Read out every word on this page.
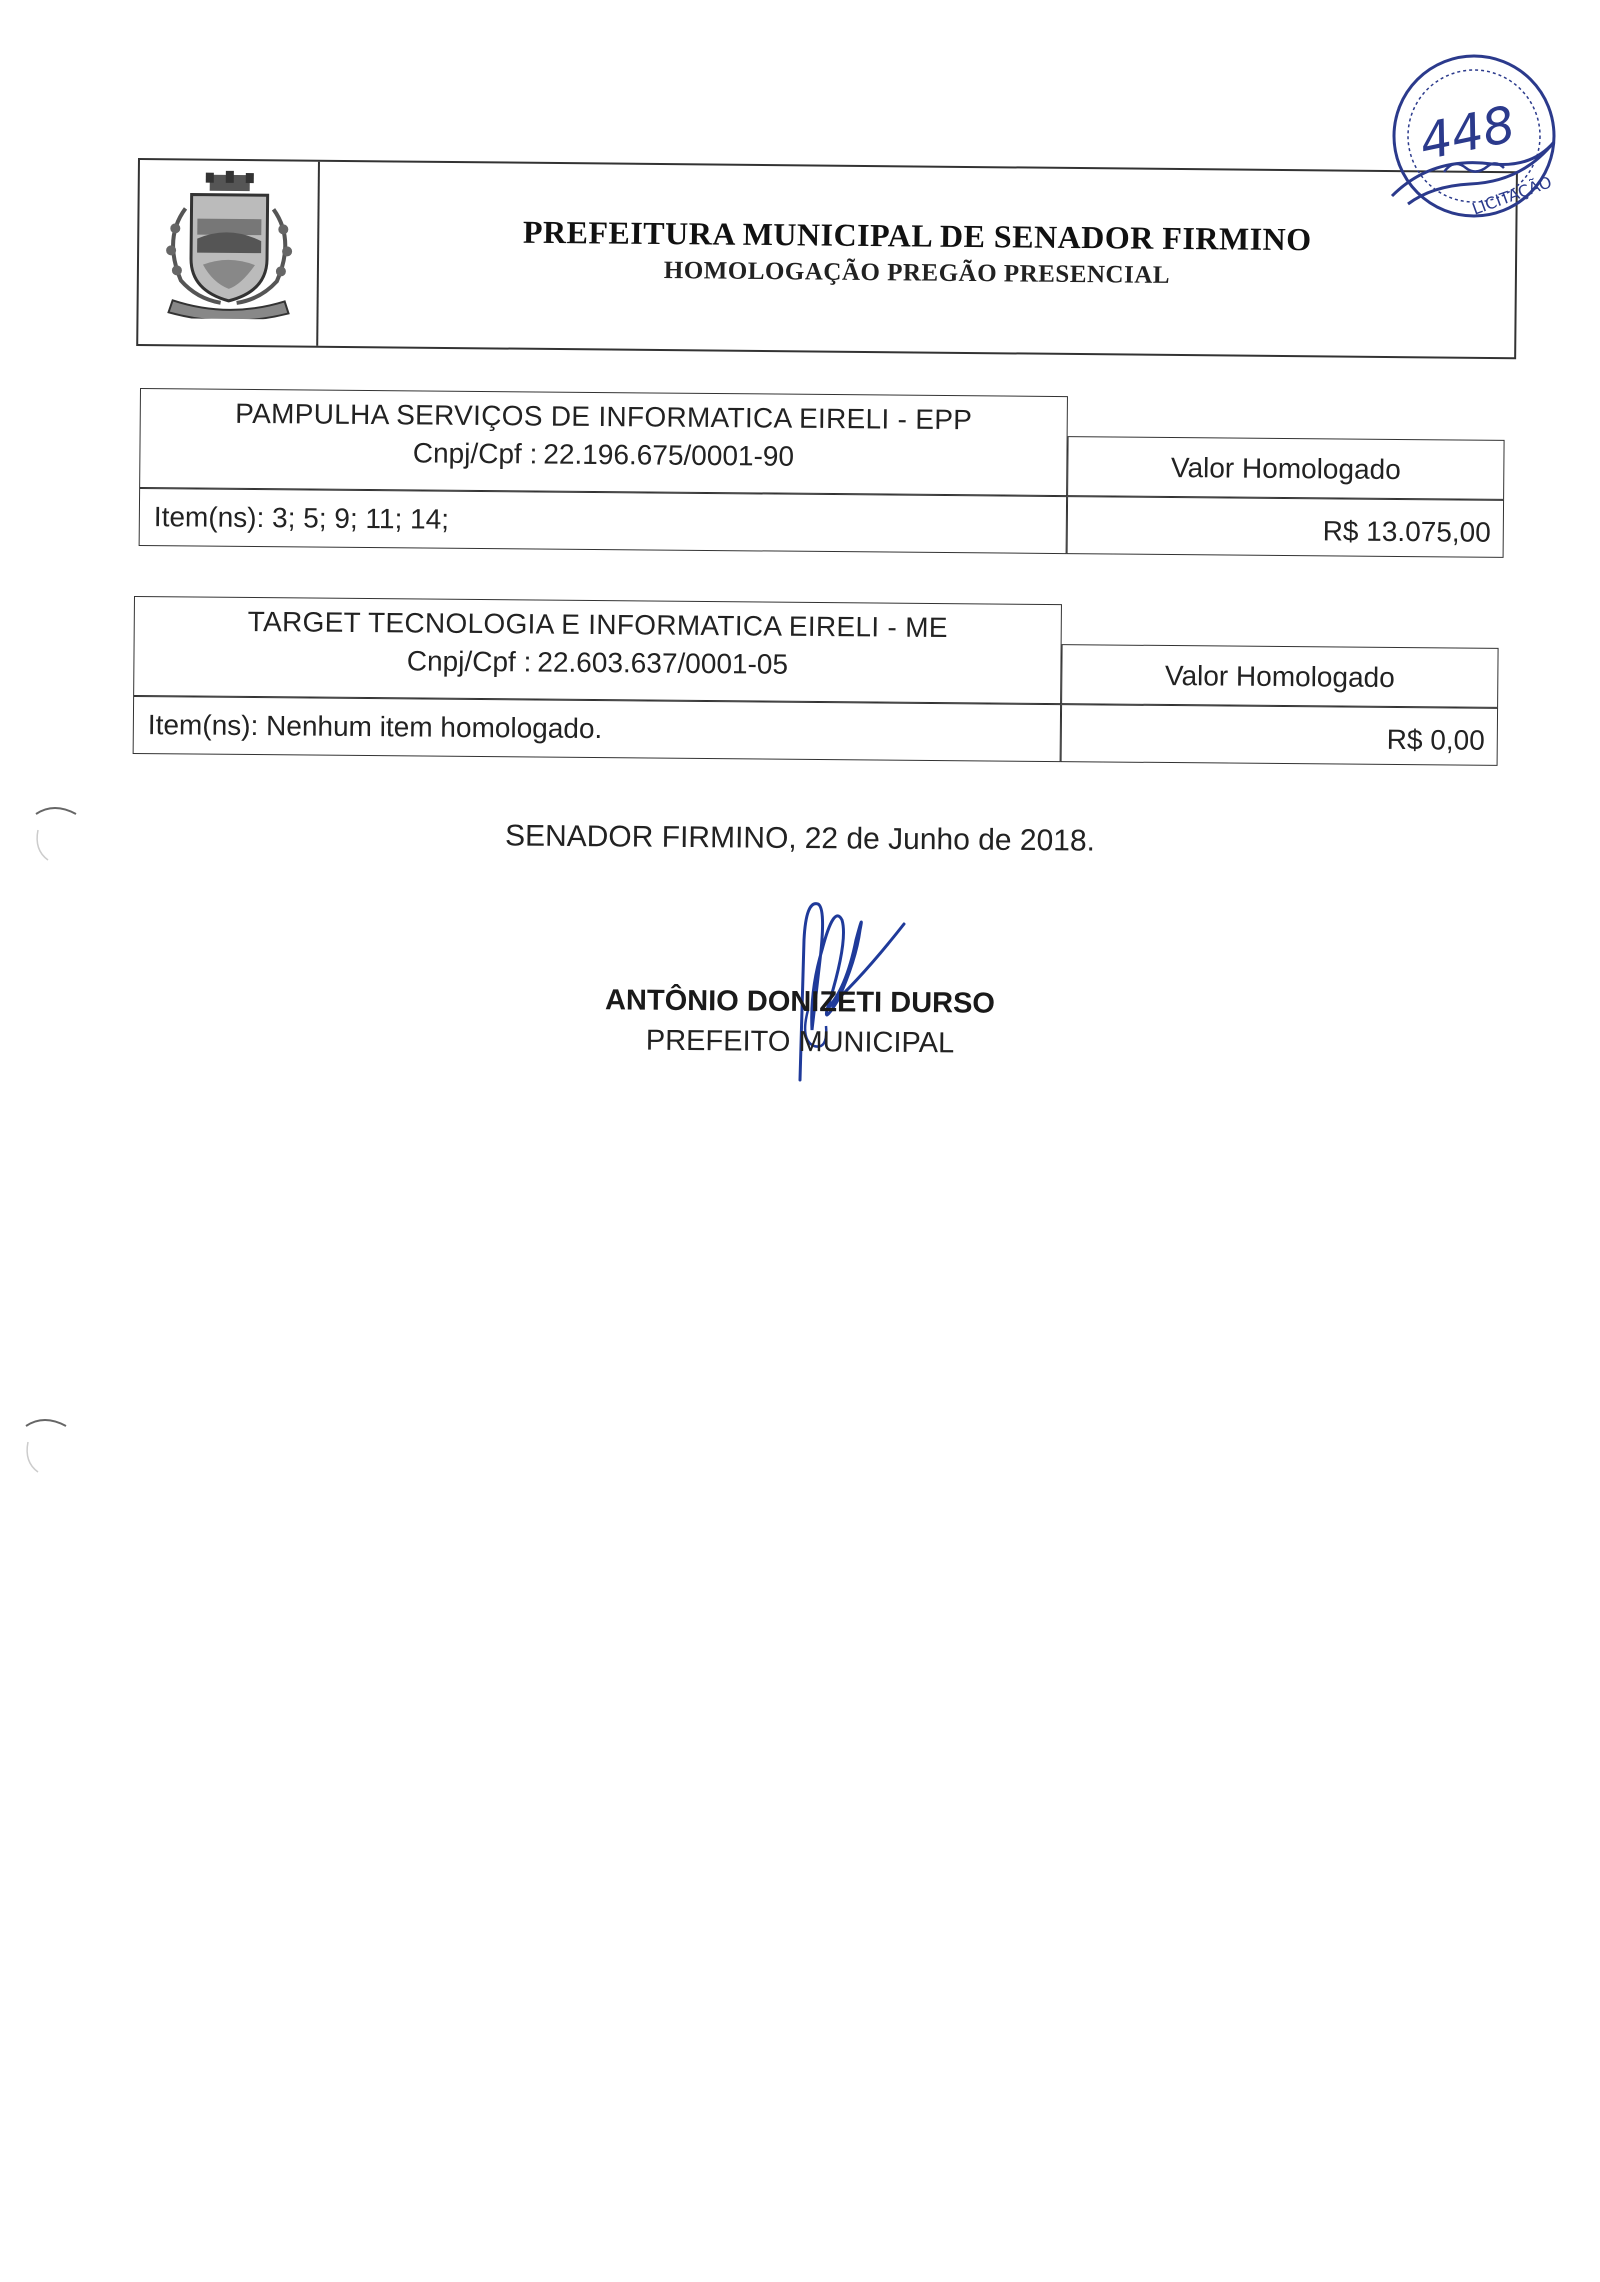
PREFEITURA MUNICIPAL DE SENADOR FIRMINO
HOMOLOGAÇÃO PREGÃO PRESENCIAL
448
LICITAÇÃO
PAMPULHA SERVIÇOS DE INFORMATICA EIRELI - EPP
Cnpj/Cpf : 22.196.675/0001-90
Item(ns): 3; 5; 9; 11; 14;
Valor Homologado
R$ 13.075,00
TARGET TECNOLOGIA E INFORMATICA EIRELI - ME
Cnpj/Cpf : 22.603.637/0001-05
Item(ns): Nenhum item homologado.
Valor Homologado
R$ 0,00
SENADOR FIRMINO, 22 de Junho de 2018.
ANTÔNIO DONIZETI DURSO
PREFEITO MUNICIPAL
